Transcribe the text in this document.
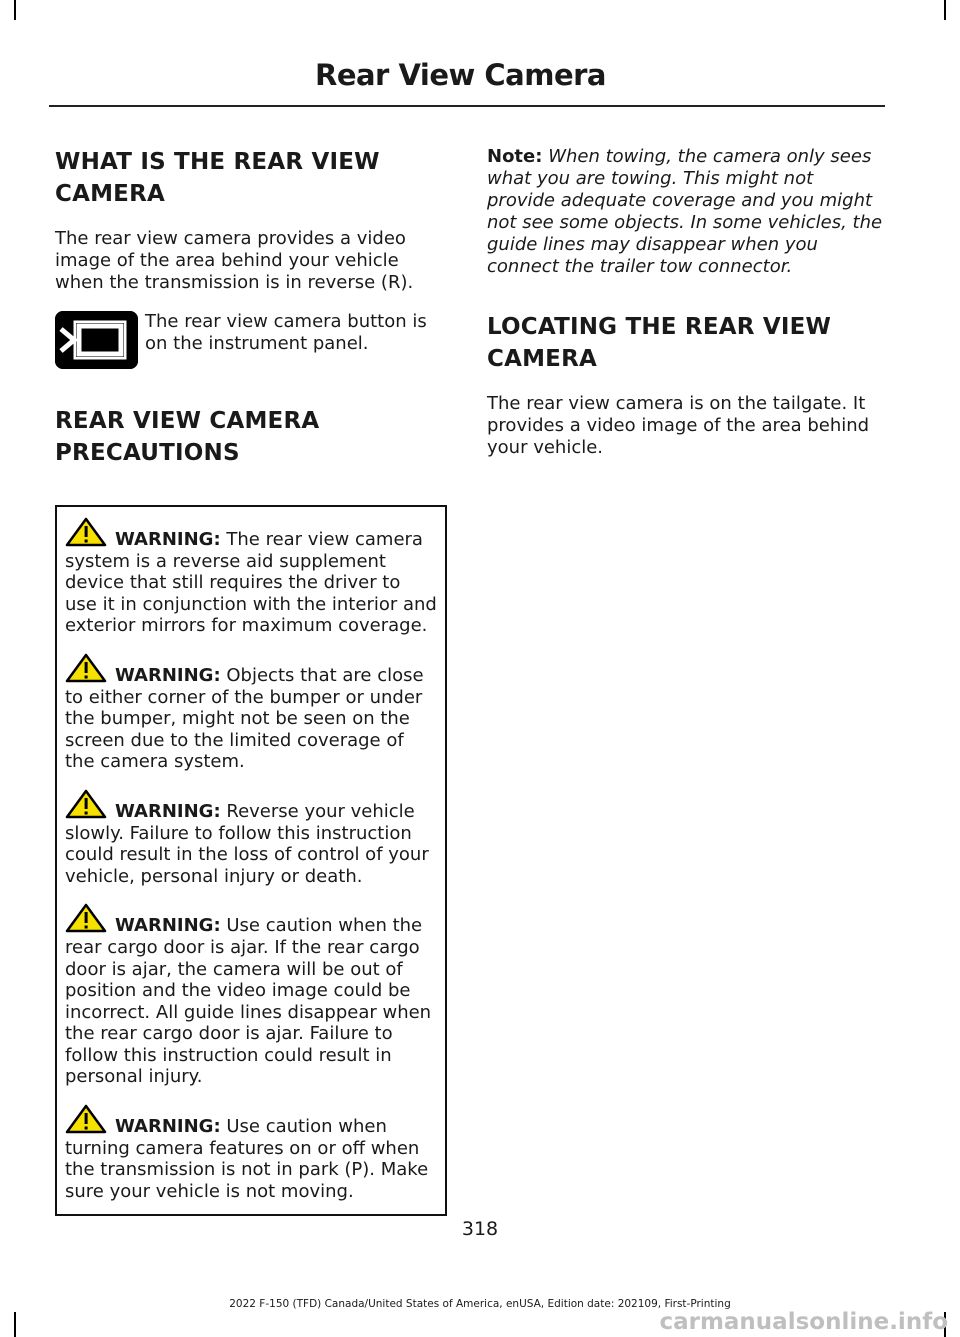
Rear View Camera
WHAT IS THE REAR VIEW
CAMERA

The rear view camera provides a video image of the area behind your vehicle when the transmission is in reverse (R).

The rear view camera button is on the instrument panel.
REAR VIEW CAMERA
PRECAUTIONS

WARNING: The rear view camera system is a reverse aid supplement device that still requires the driver to use it in conjunction with the interior and exterior mirrors for maximum coverage.

WARNING: Objects that are close to either corner of the bumper or under the bumper, might not be seen on the screen due to the limited coverage of the camera system.

WARNING: Reverse your vehicle slowly. Failure to follow this instruction could result in the loss of control of your vehicle, personal injury or death.

WARNING: Use caution when the rear cargo door is ajar. If the rear cargo door is ajar, the camera will be out of position and the video image could be incorrect. All guide lines disappear when the rear cargo door is ajar. Failure to follow this instruction could result in personal injury.

WARNING: Use caution when turning camera features on or off when the transmission is not in park (P). Make sure your vehicle is not moving.

Note: When towing, the camera only sees what you are towing. This might not provide adequate coverage and you might not see some objects. In some vehicles, the guide lines may disappear when you connect the trailer tow connector.

LOCATING THE REAR VIEW
CAMERA

The rear view camera is on the tailgate. It provides a video image of the area behind your vehicle.

318
2022 F-150 (TFD) Canada/United States of America, enUSA, Edition date: 202109, First-Printing
carmanualsonline.info
